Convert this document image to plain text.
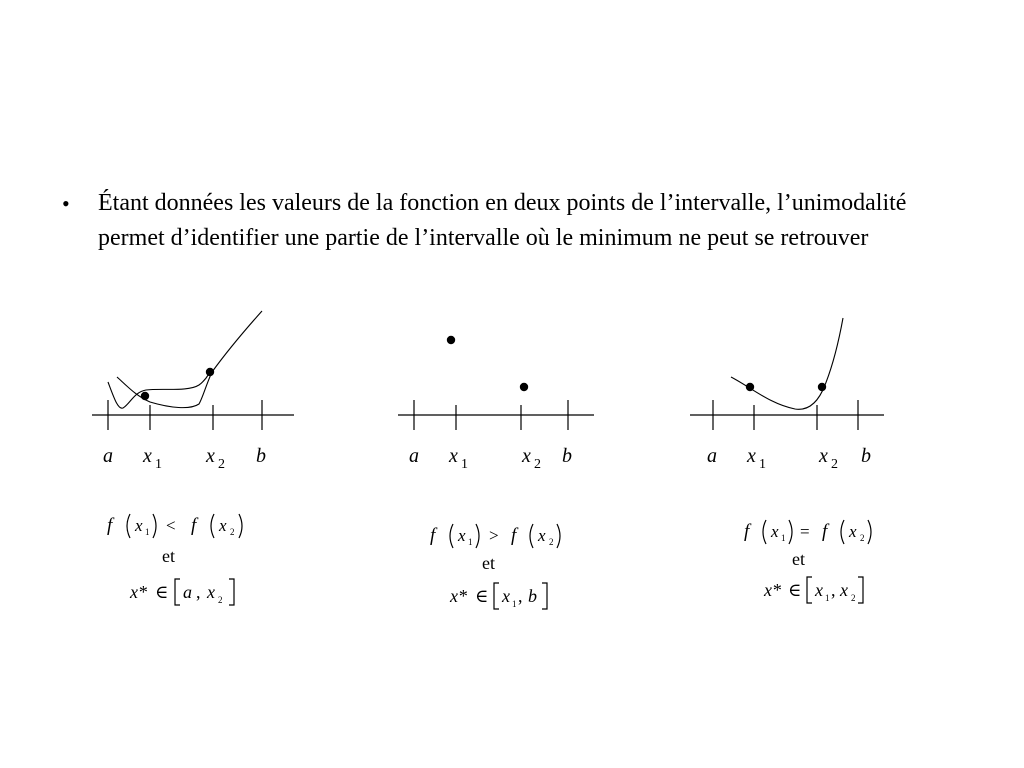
• Étant données les valeurs de la fonction en deux points de l’intervalle, l’unimodalité permet d’identifier une partie de l’intervalle où le minimum ne peut se retrouver
a x 1 x 2 b
f x 1 < f x 2
et
x* ∈ a , x 2
a x 1	x 2 b
f x 1 > f x 2
et
x* ∈ x 1 , b
a x 1	x 2 b
f x 1 = f x 2
et
x* ∈ x 1 , x 2
